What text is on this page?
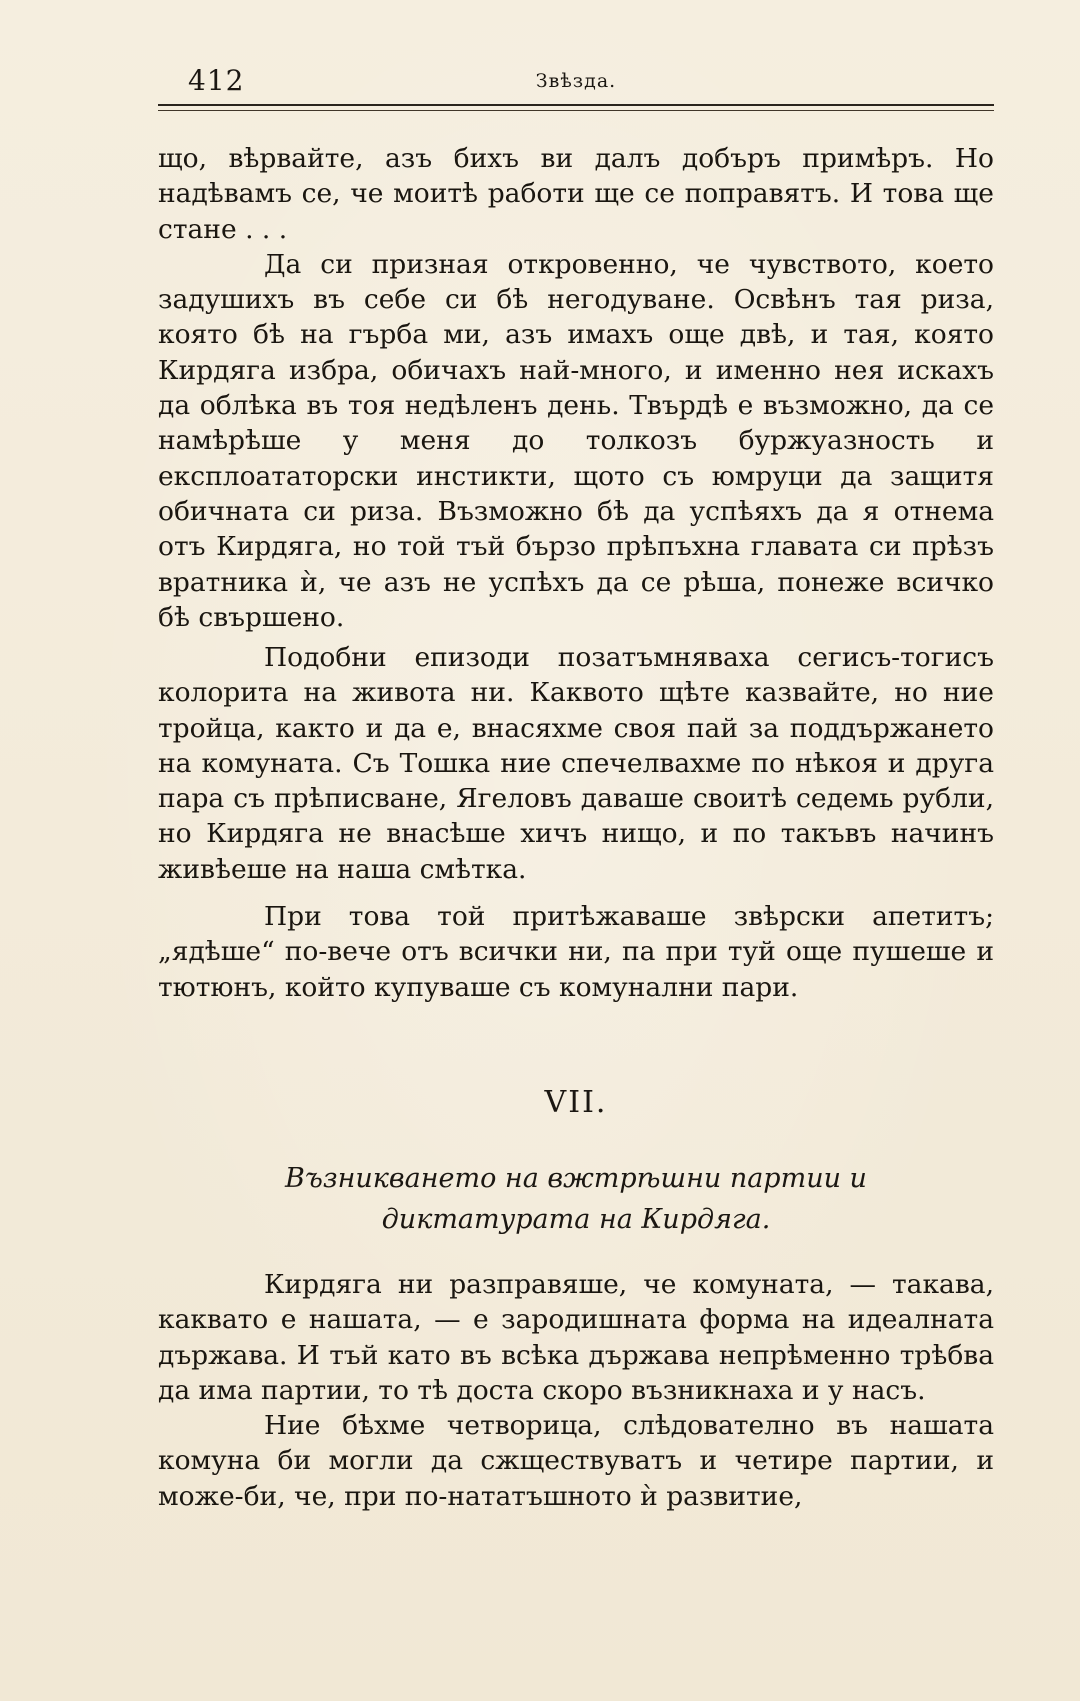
412	Звѣзда.

що, вѣрвайте, азъ бихъ ви далъ добъръ примѣръ. Но надѣвамъ се, че моитѣ работи ще се поправятъ. И това ще стане . . .

Да си призная откровенно, че чувството, което задушихъ въ себе си бѣ негодуване. Освѣнъ тая риза, която бѣ на гърба ми, азъ имахъ още двѣ, и тая, която Кирдяга избра, обичахъ най-много, и именно нея искахъ да облѣка въ тоя недѣленъ день. Твърдѣ е възможно, да се намѣрѣше у меня до толкозъ буржуазность и експлоататорски инстикти, щото съ юмруци да защитя обичната си риза. Възможно бѣ да успѣяхъ да я отнема отъ Кирдяга, но той тъй бързо прѣпъхна главата си прѣзъ вратника ѝ, че азъ не успѣхъ да се рѣша, понеже всичко бѣ свършено.

Подобни епизоди позатъмняваха сегисъ-тогисъ колорита на живота ни. Каквото щѣте казвайте, но ние тройца, както и да е, внасяхме своя пай за поддържането на комуната. Съ Тошка ние спечелвахме по нѣкоя и друга пара съ прѣписване, Ягеловъ даваше своитѣ седемь рубли, но Кирдяга не внасѣше хичъ нищо, и по такъвъ начинъ живѣеше на наша смѣтка.

При това той притѣжаваше звѣрски апетитъ; „ядѣше“ по-вече отъ всички ни, па при туй още пушеше и тютюнъ, който купуваше съ комунални пари.

VII.
Възникването на вжтрѣшни партии и диктатурата на Кирдяга.

Кирдяга ни разправяше, че комуната, — такава, каквато е нашата, — е зародишната форма на идеалната държава. И тъй като въ всѣка държава непрѣменно трѣбва да има партии, то тѣ доста скоро възникнаха и у насъ.

Ние бѣхме четворица, слѣдователно въ нашата комуна би могли да сжществуватъ и четире партии, и може-би, че, при по-нататъшното ѝ развитие,
